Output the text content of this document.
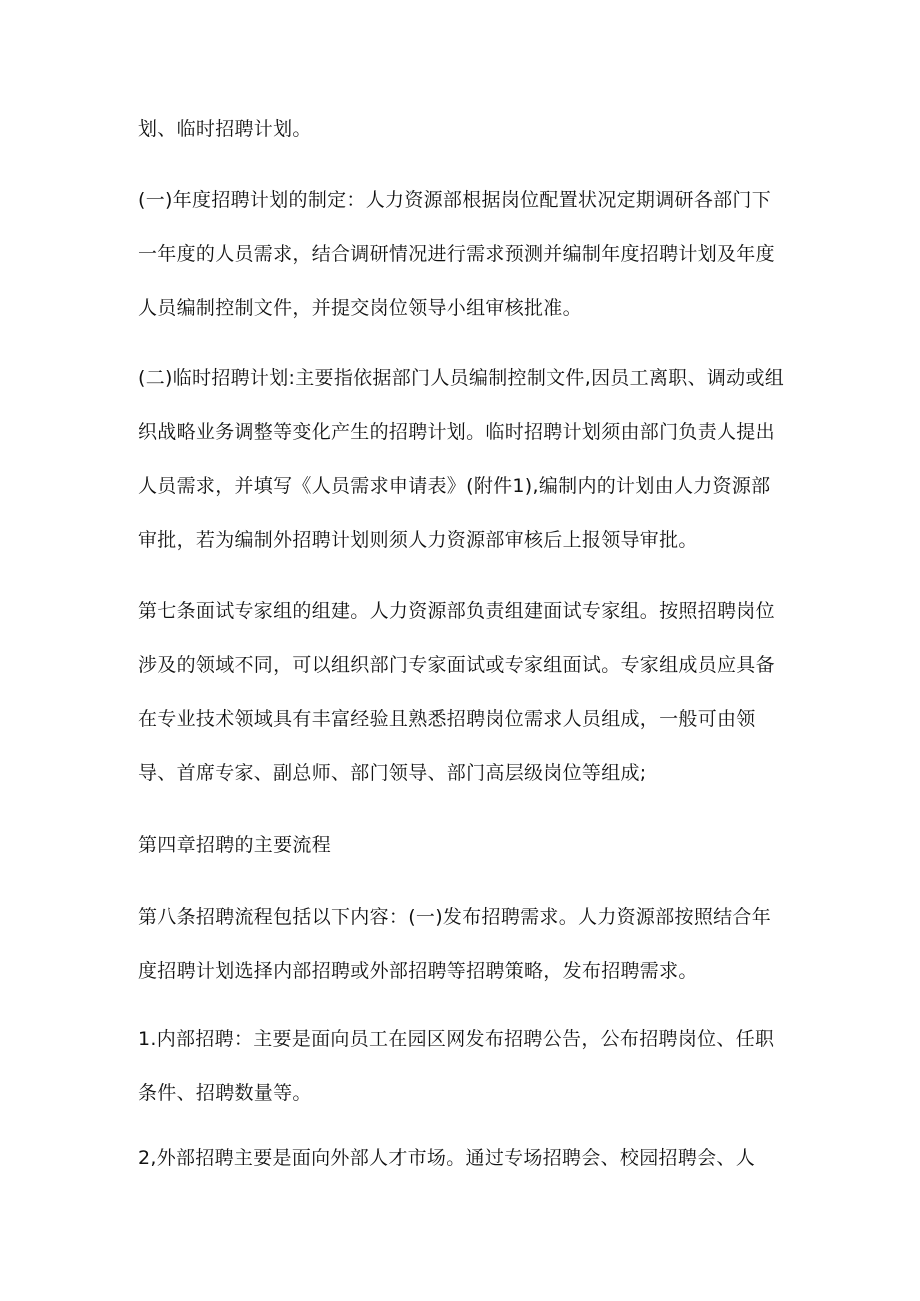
划、临时招聘计划。

(一)年度招聘计划的制定：人力资源部根据岗位配置状况定期调研各部门下一年度的人员需求，结合调研情况进行需求预测并编制年度招聘计划及年度人员编制控制文件，并提交岗位领导小组审核批准。

(二)临时招聘计划:主要指依据部门人员编制控制文件,因员工离职、调动或组织战略业务调整等变化产生的招聘计划。临时招聘计划须由部门负责人提出人员需求，并填写《人员需求申请表》(附件1),编制内的计划由人力资源部审批，若为编制外招聘计划则须人力资源部审核后上报领导审批。

第七条面试专家组的组建。人力资源部负责组建面试专家组。按照招聘岗位涉及的领域不同，可以组织部门专家面试或专家组面试。专家组成员应具备在专业技术领域具有丰富经验且熟悉招聘岗位需求人员组成，一般可由领导、首席专家、副总师、部门领导、部门高层级岗位等组成;

第四章招聘的主要流程

第八条招聘流程包括以下内容：(一)发布招聘需求。人力资源部按照结合年度招聘计划选择内部招聘或外部招聘等招聘策略，发布招聘需求。

1.内部招聘：主要是面向员工在园区网发布招聘公告，公布招聘岗位、任职条件、招聘数量等。

2,外部招聘主要是面向外部人才市场。通过专场招聘会、校园招聘会、人
